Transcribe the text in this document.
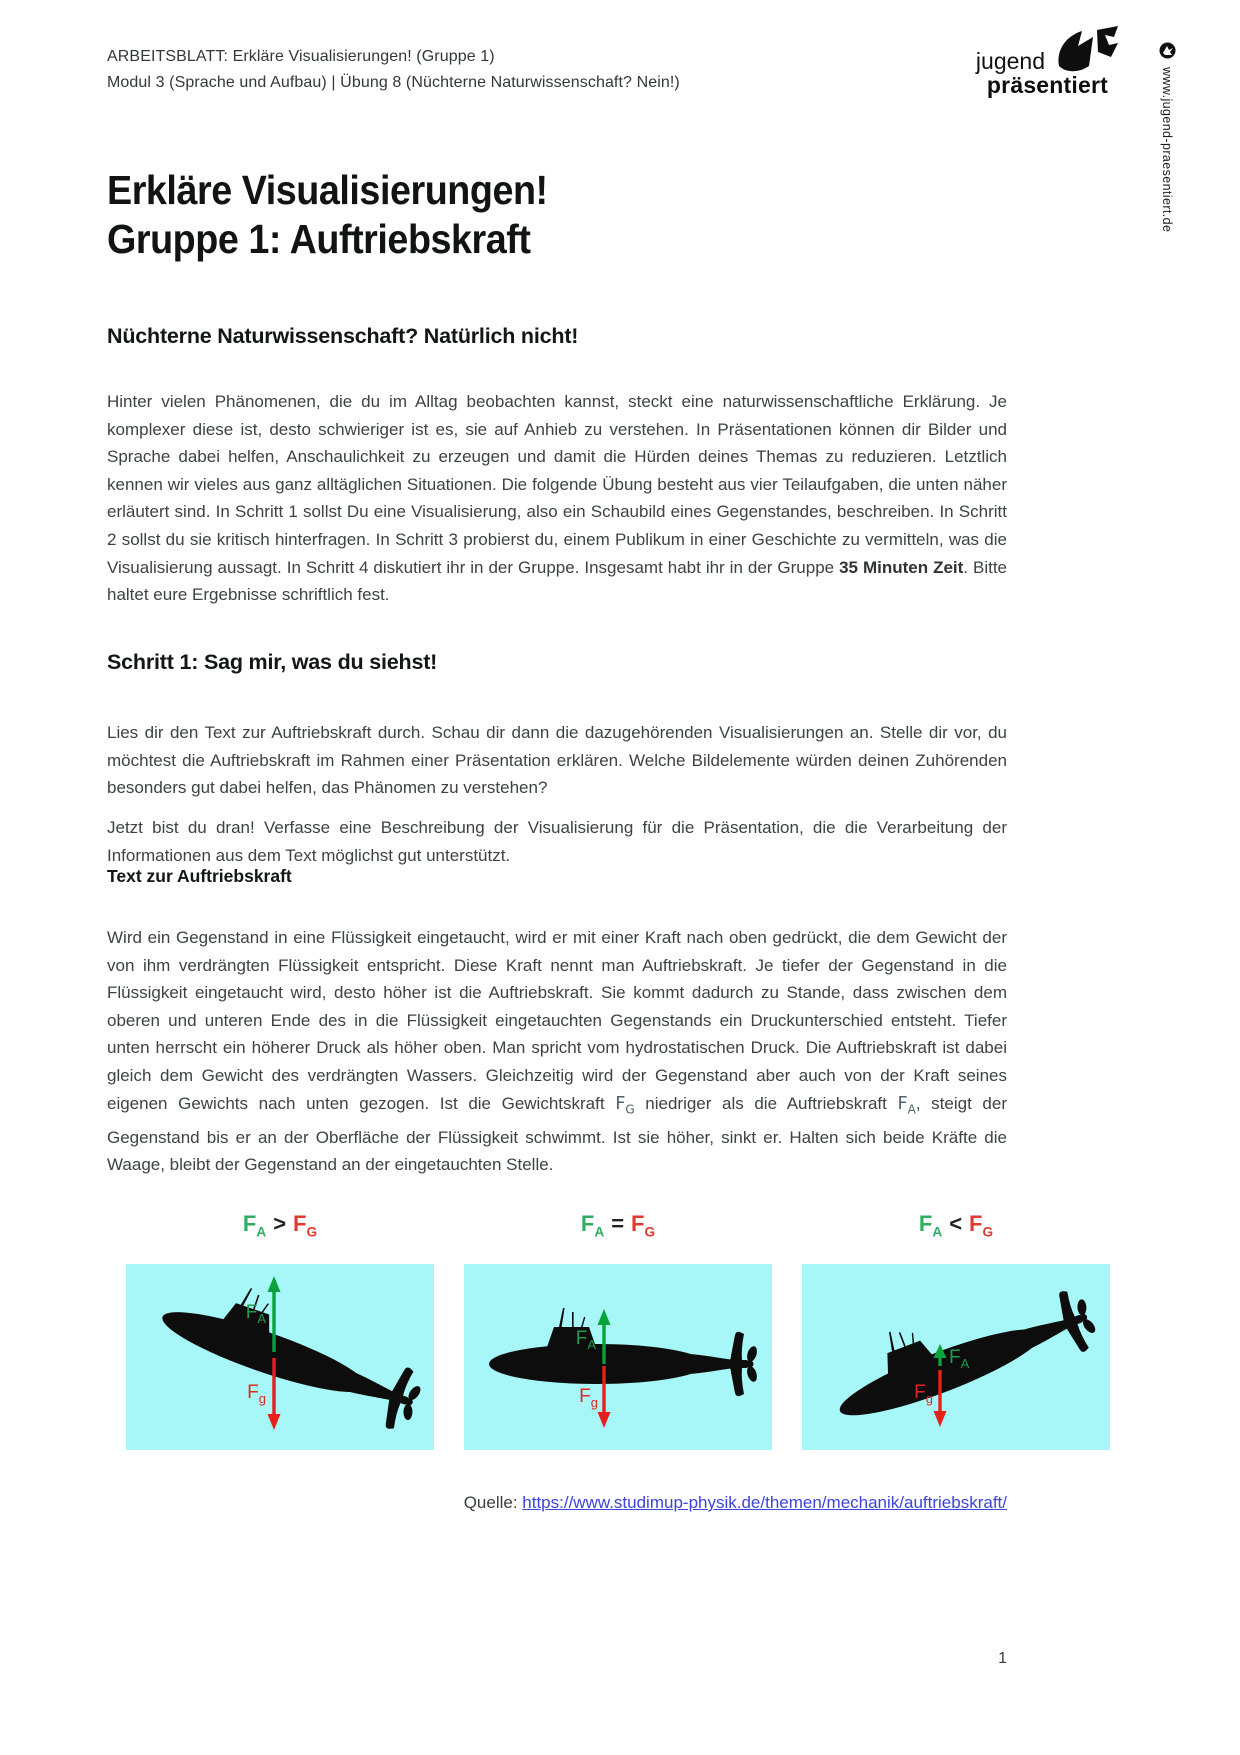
ARBEITSBLATT: Erkläre Visualisierungen! (Gruppe 1)
Modul 3 (Sprache und Aufbau) | Übung 8 (Nüchterne Naturwissenschaft? Nein!)
jugend
präsentiert	www.jugend-praesentiert.de
Erkläre Visualisierungen!
Gruppe 1: Auftriebskraft
Nüchterne Naturwissenschaft? Natürlich nicht!

Hinter vielen Phänomenen, die du im Alltag beobachten kannst, steckt eine naturwissenschaftliche Erklärung. Je komplexer diese ist, desto schwieriger ist es, sie auf Anhieb zu verstehen. In Präsentationen können dir Bilder und Sprache dabei helfen, Anschaulichkeit zu erzeugen und damit die Hürden deines Themas zu reduzieren. Letztlich kennen wir vieles aus ganz alltäglichen Situationen. Die folgende Übung besteht aus vier Teilaufgaben, die unten näher erläutert sind. In Schritt 1 sollst Du eine Visualisierung, also ein Schaubild eines Gegenstandes, beschreiben. In Schritt 2 sollst du sie kritisch hinterfragen. In Schritt 3 probierst du, einem Publikum in einer Geschichte zu vermitteln, was die Visualisierung aussagt. In Schritt 4 diskutiert ihr in der Gruppe. Insgesamt habt ihr in der Gruppe 35 Minuten Zeit. Bitte haltet eure Ergebnisse schriftlich fest.

Schritt 1: Sag mir, was du siehst!

Lies dir den Text zur Auftriebskraft durch. Schau dir dann die dazugehörenden Visualisierungen an. Stelle dir vor, du möchtest die Auftriebskraft im Rahmen einer Präsentation erklären. Welche Bildelemente würden deinen Zuhörenden besonders gut dabei helfen, das Phänomen zu verstehen?

Jetzt bist du dran! Verfasse eine Beschreibung der Visualisierung für die Präsentation, die die Verarbeitung der Informationen aus dem Text möglichst gut unterstützt.

Text zur Auftriebskraft

Wird ein Gegenstand in eine Flüssigkeit eingetaucht, wird er mit einer Kraft nach oben gedrückt, die dem Gewicht der von ihm verdrängten Flüssigkeit entspricht. Diese Kraft nennt man Auftriebskraft. Je tiefer der Gegenstand in die Flüssigkeit eingetaucht wird, desto höher ist die Auftriebskraft. Sie kommt dadurch zu Stande, dass zwischen dem oberen und unteren Ende des in die Flüssigkeit eingetauchten Gegenstands ein Druckunterschied entsteht. Tiefer unten herrscht ein höherer Druck als höher oben. Man spricht vom hydrostatischen Druck. Die Auftriebskraft ist dabei gleich dem Gewicht des verdrängten Wassers. Gleichzeitig wird der Gegenstand aber auch von der Kraft seines eigenen Gewichts nach unten gezogen. Ist die Gewichtskraft $F_G$ niedriger als die Auftriebskraft $F_A$, steigt der Gegenstand bis er an der Oberfläche der Flüssigkeit schwimmt. Ist sie höher, sinkt er. Halten sich beide Kräfte die Waage, bleibt der Gegenstand an der eingetauchten Stelle.

$F_A > F_G$	$F_A = F_G$	$F_A < F_G$
$F_A$
$F_g$
$F_A$
$F_g$
$F_A$
$F_g$
Quelle: https://www.studimup-physik.de/themen/mechanik/auftriebskraft/
1
